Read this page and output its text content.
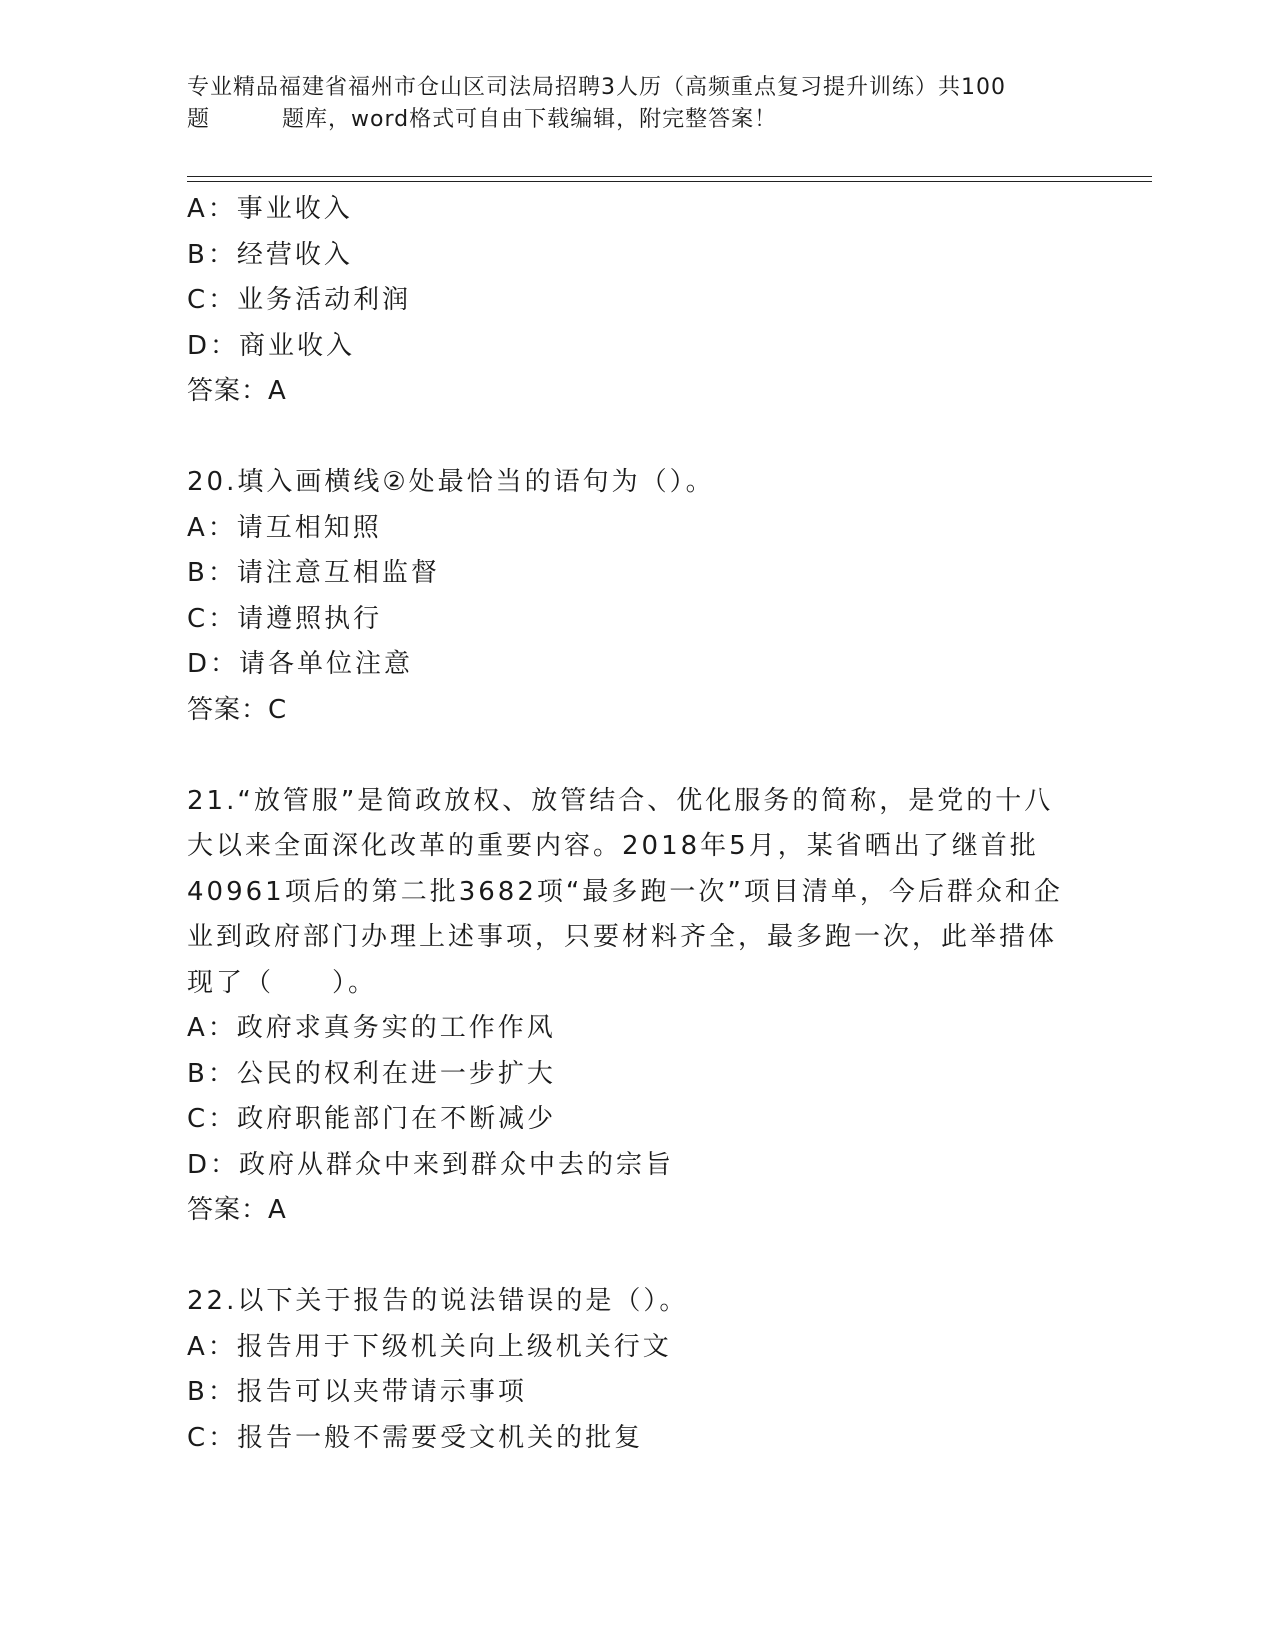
专业精品福建省福州市仓山区司法局招聘3人历（高频重点复习提升训练）共100
题	题库，word格式可自由下载编辑，附完整答案！
A：事业收入
B：经营收入
C：业务活动利润
D：商业收入
答案：A
20.填入画横线②处最恰当的语句为（）。
A：请互相知照
B：请注意互相监督
C：请遵照执行
D：请各单位注意
答案：C
21.“放管服”是简政放权、放管结合、优化服务的简称，是党的十八
大以来全面深化改革的重要内容。2018年5月，某省晒出了继首批
40961项后的第二批3682项“最多跑一次”项目清单，今后群众和企
业到政府部门办理上述事项，只要材料齐全，最多跑一次，此举措体
现了（　　）。
A：政府求真务实的工作作风
B：公民的权利在进一步扩大
C：政府职能部门在不断减少
D：政府从群众中来到群众中去的宗旨
答案：A
22.以下关于报告的说法错误的是（）。
A：报告用于下级机关向上级机关行文
B：报告可以夹带请示事项
C：报告一般不需要受文机关的批复
